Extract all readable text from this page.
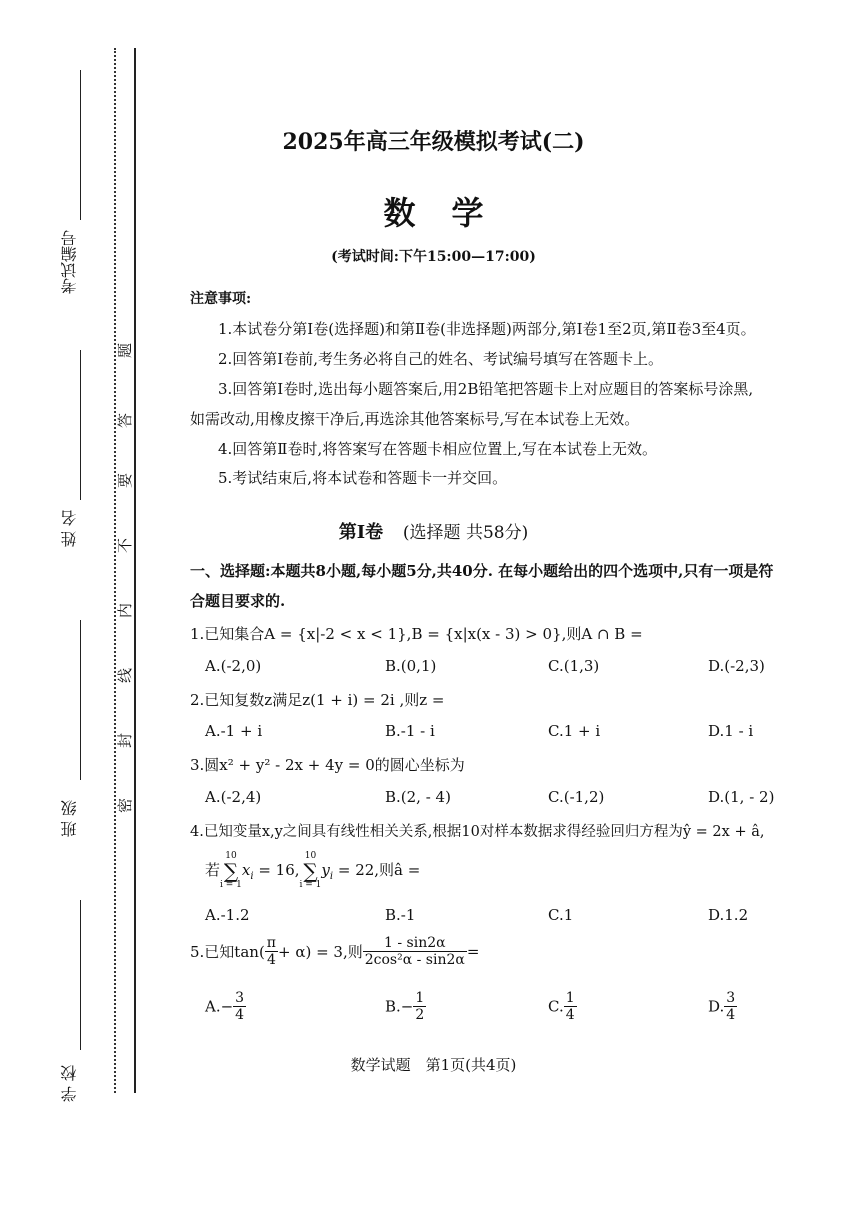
考试编号
姓 名
班 级
学 校
题
答
要
不
内
线
封
密
2025年高三年级模拟考试(二)
数学
(考试时间:下午15:00—17:00)
注意事项:
1.本试卷分第Ⅰ卷(选择题)和第Ⅱ卷(非选择题)两部分,第Ⅰ卷1至2页,第Ⅱ卷3至4页。
2.回答第Ⅰ卷前,考生务必将自己的姓名、考试编号填写在答题卡上。
3.回答第Ⅰ卷时,选出每小题答案后,用2B铅笔把答题卡上对应题目的答案标号涂黑,
如需改动,用橡皮擦干净后,再选涂其他答案标号,写在本试卷上无效。
4.回答第Ⅱ卷时,将答案写在答题卡相应位置上,写在本试卷上无效。
5.考试结束后,将本试卷和答题卡一并交回。
第Ⅰ卷 (选择题 共58分)
一、选择题:本题共8小题,每小题5分,共40分. 在每小题给出的四个选项中,只有一项是符
合题目要求的.
1.已知集合A = {x|-2 < x < 1},B = {x|x(x - 3) > 0},则A ∩ B =
A.(-2,0)	B.(0,1)	C.(1,3)	D.(-2,3)
2.已知复数z满足z(1 + i) = 2i ,则z =
A.-1 + i	B.-1 - i	C.1 + i	D.1 - i
3.圆x² + y² - 2x + 4y = 0的圆心坐标为
A.(-2,4)	B.(2, - 4)	C.(-1,2)	D.(1, - 2)
4.已知变量x,y之间具有线性相关关系,根据10对样本数据求得经验回归方程为ŷ = 2x + â,
若10
∑
$i = 1x_i = 16,10$
∑
$i = 1y_i = 22$,则â =
A.-1.2	B.-1	C.1	D.1.2
5.已知$\tan( \frac{\pi}{4} + \alpha) = 3$,则 $\frac{1 - \sin 2\alpha}{\text{2cos²α - sin2α}}$ =
$A.- \frac{3}{4}$	$B.- \frac{1}{2}$	C. $\frac{1}{4}$	D. $\frac{3}{4}$
数学试题　第1页(共4页)
